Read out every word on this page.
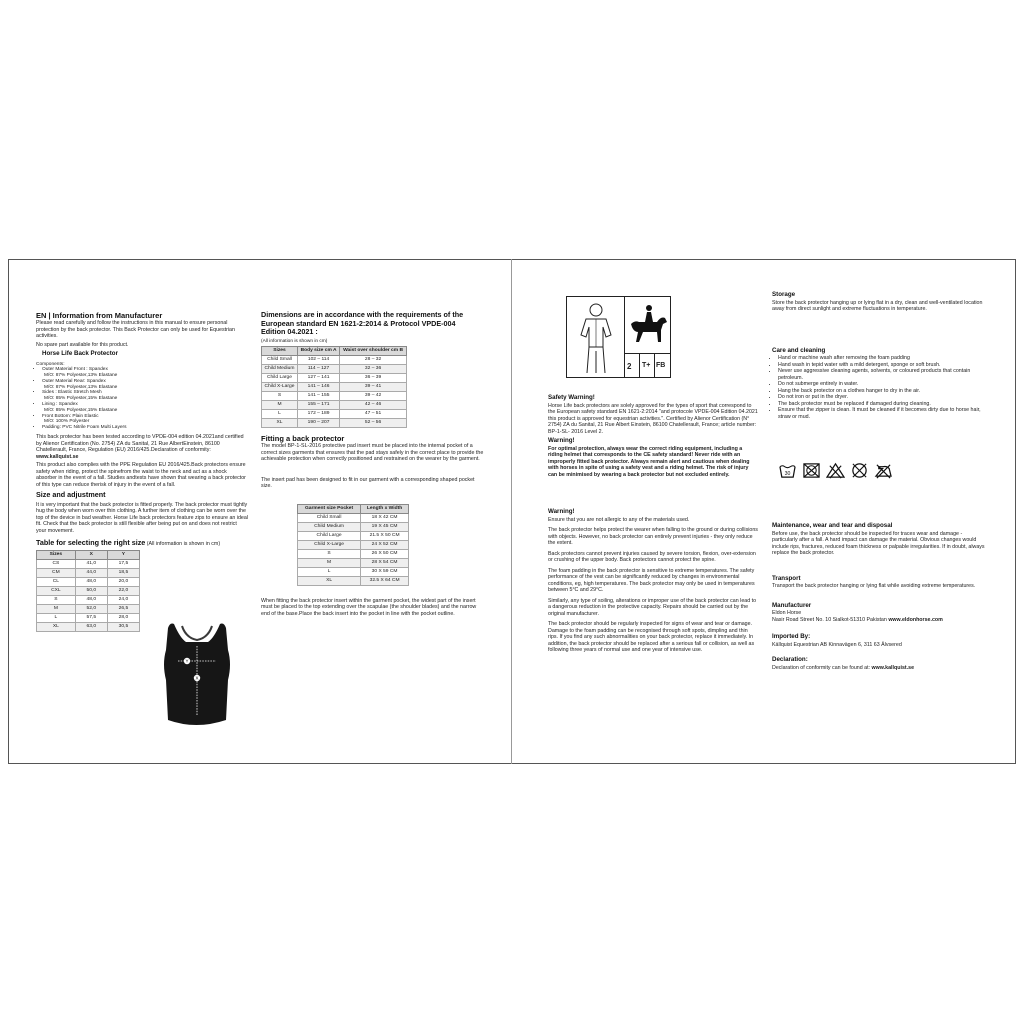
EN | Information from Manufacturer

Please read carefully and follow the instructions in this manual to ensure personal protection by the back protector. This Back Protector can only be used for Equestrian activities.

No spare part available for this product.

Horse Life Back Protector
Components:
• Outer Material Front : Spandex
M/O: 87% Polyester,13% Elastane
• Outer Material Rear: Spandex
M/O: 87% Polyester,13% Elastane
• Sides : Elastic Stretch Mesh
M/O: 85% Polyester,15% Elastane
• Lining : Spandex
M/O: 85% Polyester,15% Elastane
• Front Bottom: Plain Elastic
M/O: 100% Polyester
• Padding: PVC Nitrile Foam Multi Layers

This back protector has been tested according to VPDE-004 edition 04.2021and certified by Alienor Certification (No. 2754) ZA du Sanital, 21 Rue AlbertEinstein, 86100 Chatellerault, France, Regulation (EU) 2016/425.Declaration of conformity:

www.kallquist.se

This product also complies with the PPE Regulation EU 2016/425.Back protectors ensure safety when riding, protect the spinefrom the waist to the neck and act as a shock absorber in the event of a fall. Studies andtests have shown that wearing a back protector of this type can reduce therisk of injury in the event of a fall.

Size and adjustment

It is very important that the back protector is fitted properly. The back protector must tightly hug the body when worn over thin clothing. A further item of clothing can be worn over the top of the device in bad weather. Horse Life back protectors feature zips to ensure an ideal fit. Check that the back protector is still flexible after being put on and does not restrict your movement.

Table for selecting the right size (All information is shown in cm)
Sizes	X	Y
CS	41,0	17,5
CM	44,0	18,5
CL	48,0	20,0
CXL	50,0	22,0
S	48,0	24,0
M	52,0	26,5
L	57,5	28,0
XL	63,0	30,5
Y
X
Dimensions are in accordance with the requirements of the European standard EN 1621-2:2014 & Protocol VPDE-004 Edition 04.2021 :
(All information is shown in cm)
Sizes	Body size cm A	Waist over shoulder cm B
Child Small	102 – 114	28 – 32
Child Medium	114 – 127	32 – 36
Child Large	127 – 141	36 – 39
Child X-Large	141 – 146	39 – 41
S	141 – 155	39 – 42
M	155 – 171	42 – 46
L	172 – 189	47 – 51
XL	190 – 207	52 – 56
Fitting a back protector

The model BP-1-SL-2016 protective pad insert must be placed into the internal pocket of a correct sizes garments that ensures that the pad stays safely in the correct place to provide the achievable protection when correctly positioned and restrained on the wearer by the garment.

The insert pad has been designed to fit in our garment with a corresponding shaped pocket size.

Garment size Pocket	Length x Width
Child Small	18 X 42 CM
Child Medium	19 X 45 CM
Child Large	21.5 X 50 CM
Child X-Large	24 X 52 CM
S	26 X 50 CM
M	28 X 54 CM
L	30 X 59 CM
XL	32.5 X 64 CM

When fitting the back protector insert within the garment pocket, the widest part of the insert must be placed to the top extending over the scapulae (the shoulder blades) and the narrow end of the base.Place the back insert into the pocket in line with the pocket outline.

2 T+ FB
Safety Warning!

Horse Life back protectors are solely approved for the types of sport that correspond to the European safety standard EN 1621-2:2014 "and protocole VPDE-004 Edition 04.2021 this product is approved for equestrian activities.". Certified by Alienor Certification (N° 2754) ZA du Sanital, 21 Rue Albert Einstein, 86100 Chatellerault, France; article number: BP-1-SL- 2016 Level 2.

Warning!

For optimal protection, always wear the correct riding equipment, including a riding helmet that corresponds to the CE safety standard! Never ride with an improperly fitted back protector. Always remain alert and cautious when dealing with horses in spite of using a safety vest and a riding helmet. The risk of injury can be minimised by wearing a back protector but not excluded entirely.

Warning!

Ensure that you are not allergic to any of the materials used.

The back protector helps protect the wearer when falling to the ground or during collisions with objects. However, no back protector can entirely prevent injuries - they only reduce the extent.

Back protectors cannot prevent injuries caused by severe torsion, flexion, over-extension or crushing of the upper body. Back protectors cannot protect the spine.

The foam padding in the back protector is sensitive to extreme temperatures. The safety performance of the vest can be significantly reduced by changes in environmental conditions, eg, high temperatures. The back protector may only be used in temperatures between 5°C and 29°C.

Similarly, any type of soiling, alterations or improper use of the back protector can lead to a dangerous reduction in the protective capacity. Repairs should be carried out by the original manufacturer.

The back protector should be regularly inspected for signs of wear and tear or damage. Damage to the foam padding can be recognised through soft spots, dimpling and thin rips. If you find any such abnormalities on your back protector, replace it immediately. In addition, the back protector should be replaced after a serious fall or collision, as well as following three years of normal use and one year of intensive use.

Storage

Store the back protector hanging up or lying flat in a dry, clean and well-ventilated location away from direct sunlight and extreme fluctuations in temperature.

Care and cleaning
• Hand or machine wash after removing the foam padding
• Hand wash in tepid water with a mild detergent, sponge or soft brush.
• Never use aggressive cleaning agents, solvents, or coloured products that contain petroleum.
• Do not submerge entirely in water.
• Hang the back protector on a clothes hanger to dry in the air.
• Do not iron or put in the dryer.
• The back protector must be replaced if damaged during cleaning.
• Ensure that the zipper is clean. It must be cleaned if it becomes dirty due to horse hair, straw or mud.
30
Maintenance, wear and tear and disposal

Before use, the back protector should be inspected for traces wear and damage - particularly after a fall. A hard impact can damage the material. Obvious changes would include rips, fractures, reduced foam thickness or palpable irregularities. If in doubt, always replace the back protector.

Transport

Transport the back protector hanging or lying flat while avoiding extreme temperatures.

Manufacturer

Eldon Horse

Nasir Road Street No. 10 Sialkot-51310 Pakistan www.eldonhorse.com

Imported By:

Källquist Equestrian AB Kinnavägen 6, 311 63 Älvsered

Declaration:

Declaration of conformity can be found at: www.kallquist.se
